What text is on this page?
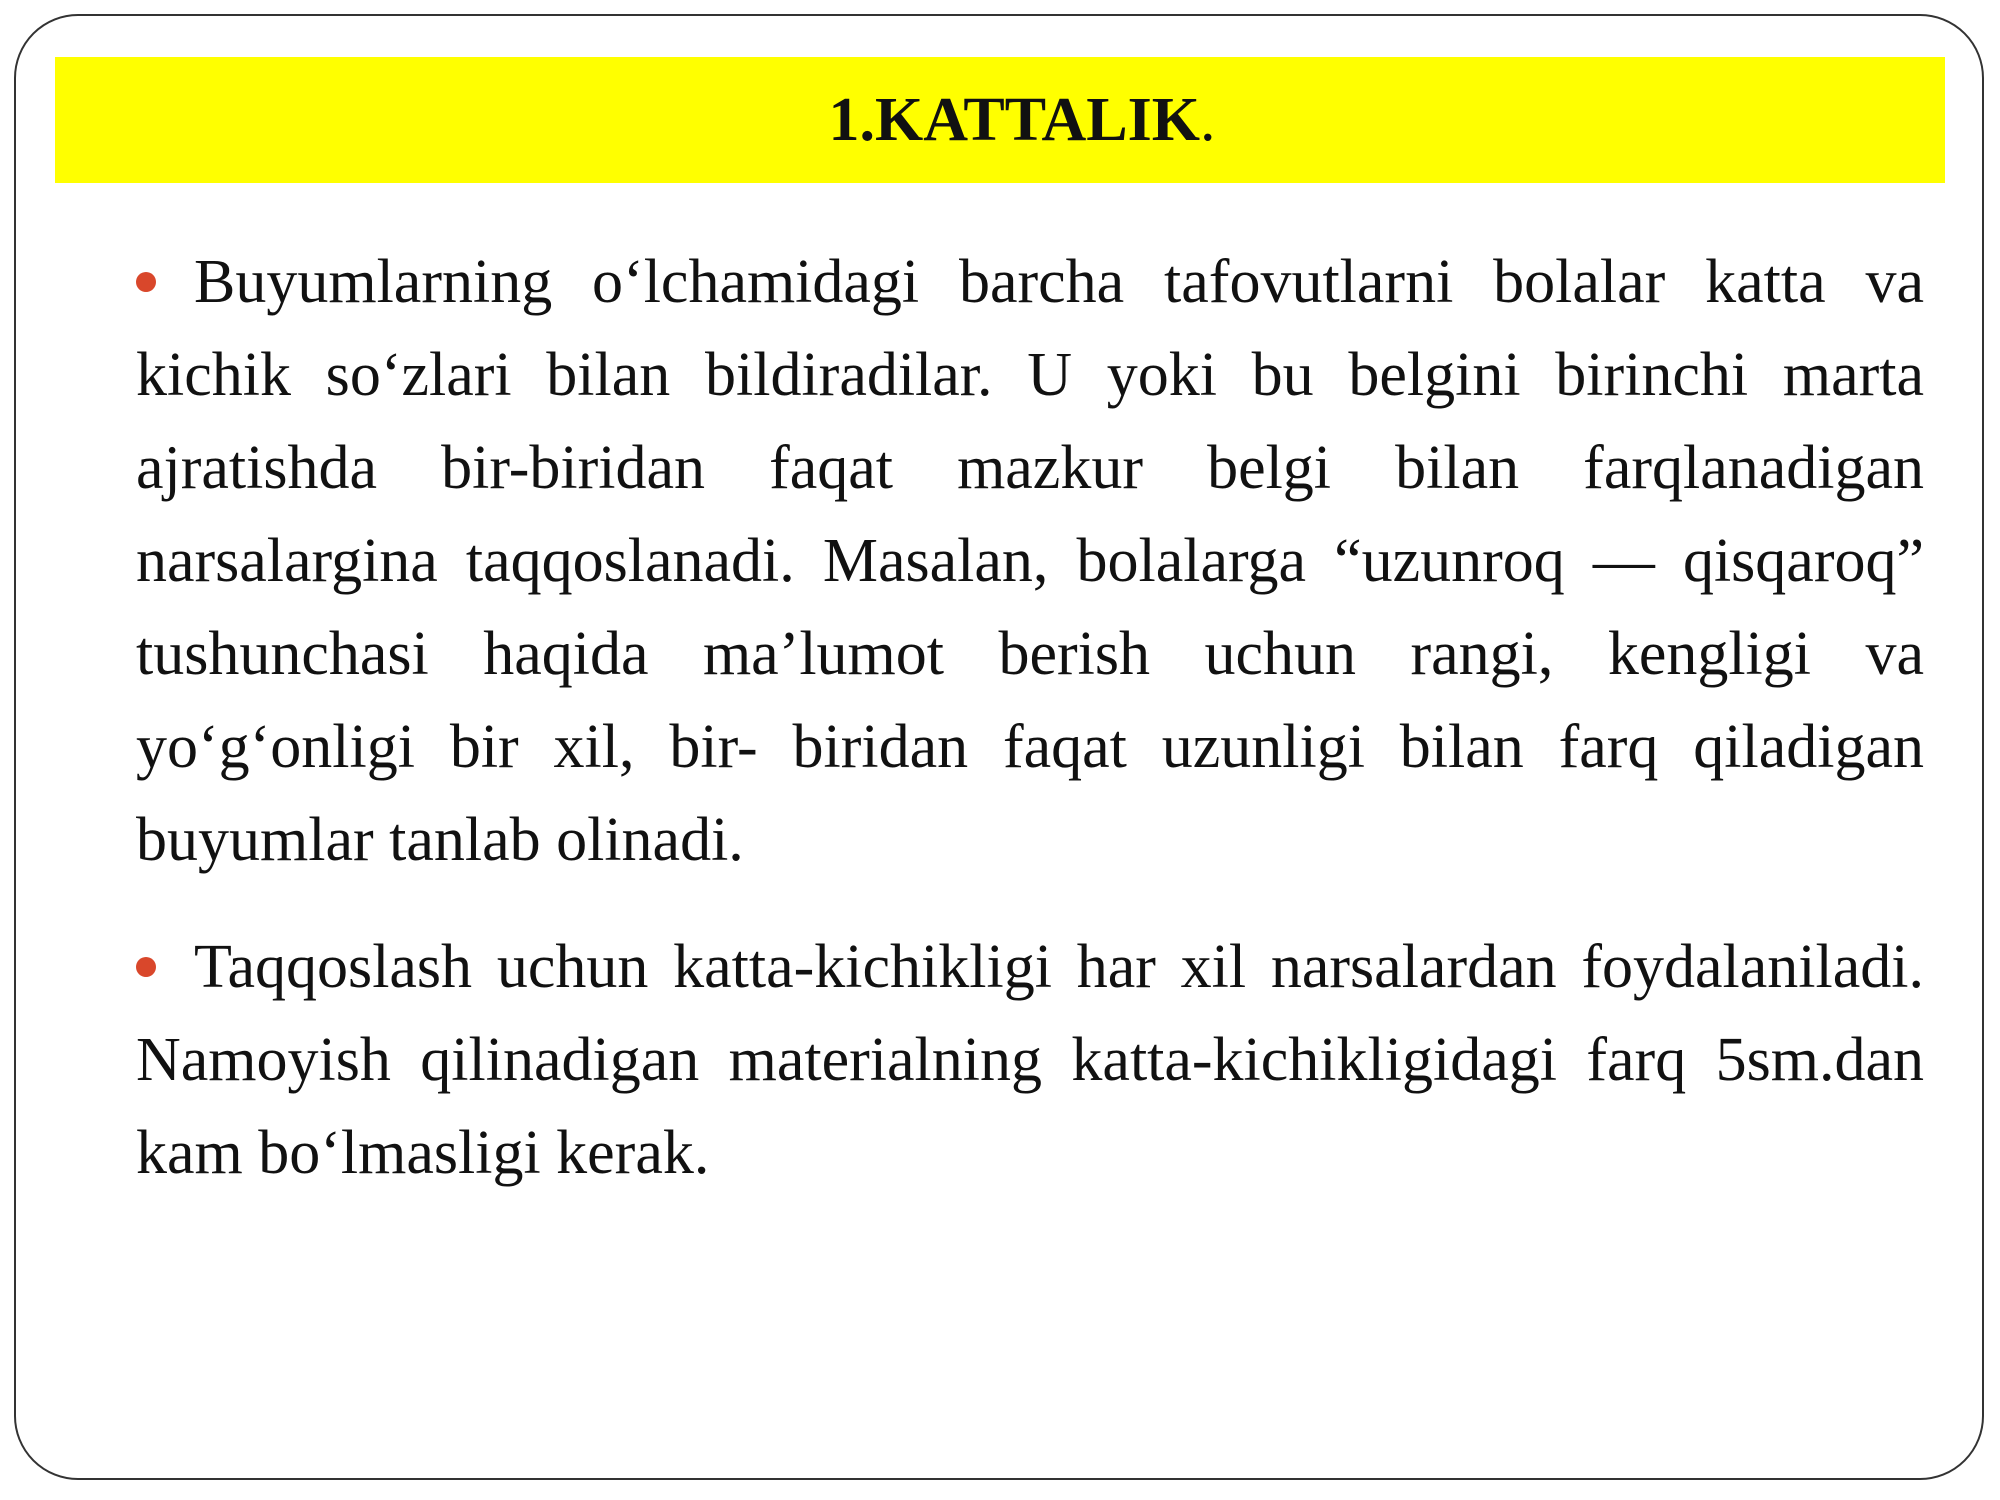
1.KATTALIK.

Buyumlarning o‘lchamidagi barcha tafovutlarni bolalar katta va kichik so‘zlari bilan bildiradilar. U yoki bu belgini birinchi marta ajratishda bir-biridan faqat mazkur belgi bilan farqlanadigan narsalargina taqqoslanadi. Masalan, bolalarga “uzunroq — qisqaroq” tushunchasi haqida ma’lumot berish uchun rangi, kengligi va yo‘g‘onligi bir xil, bir- biridan faqat uzunligi bilan farq qiladigan buyumlar tanlab olinadi.

Taqqoslash uchun katta-kichikligi har xil narsalardan foydalaniladi. Namoyish qilinadigan materialning katta-kichikligidagi farq 5sm.dan kam bo‘lmasligi kerak.
